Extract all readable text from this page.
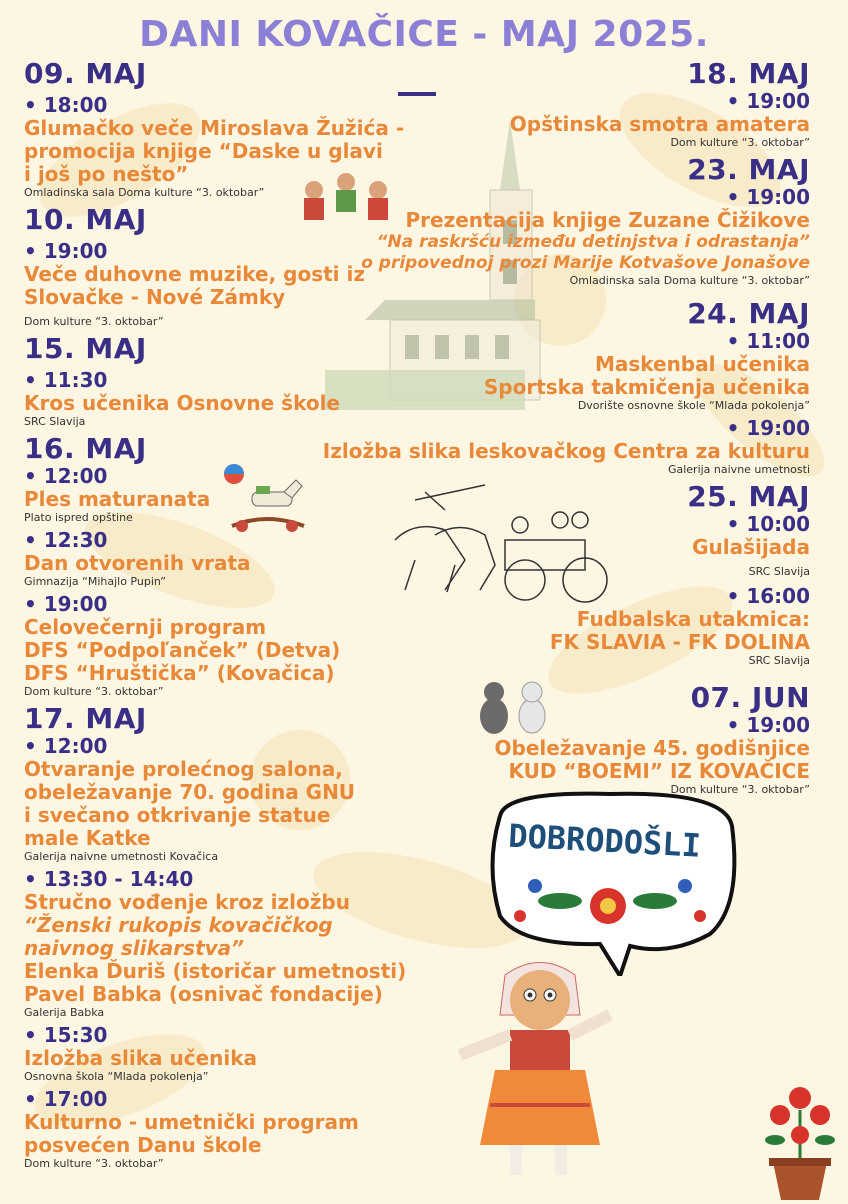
DANI KOVAČICE - MAJ 2025.
09. MAJ
• 18:00
Glumačko veče Miroslava Žužića -
promocija knjige “Daske u glavi
i još po nešto”
Omladinska sala Doma kulture “3. oktobar”
10. MAJ
• 19:00
Veče duhovne muzike, gosti iz
Slovačke - Nové Zámky
Dom kulture “3. oktobar”
15. MAJ
• 11:30
Kros učenika Osnovne škole
SRC Slavija
16. MAJ
• 12:00
Ples maturanata
Plato ispred opštine
• 12:30
Dan otvorenih vrata
Gimnazija “Mihajlo Pupin”
• 19:00
Celovečernji program
DFS “Podpoľanček” (Detva)
DFS “Hruštička” (Kovačica)
Dom kulture “3. oktobar”
17. MAJ
• 12:00
Otvaranje prolećnog salona,
obeležavanje 70. godina GNU
i svečano otkrivanje statue
male Katke
Galerija naivne umetnosti Kovačica
• 13:30 - 14:40
Stručno vođenje kroz izložbu
“Ženski rukopis kovačičkog
naivnog slikarstva”
Elenka Ďuriš (istoričar umetnosti)
Pavel Babka (osnivač fondacije)
Galerija Babka
• 15:30
Izložba slika učenika
Osnovna škola “Mlada pokolenja”
• 17:00
Kulturno - umetnički program
posvećen Danu škole
Dom kulture “3. oktobar”
18. MAJ
• 19:00
Opštinska smotra amatera
Dom kulture “3. oktobar”
23. MAJ
• 19:00
Prezentacija knjige Zuzane Čižikove
“Na raskršću između detinjstva i odrastanja”
o pripovednoj prozi Marije Kotvašove Jonašove
Omladinska sala Doma kulture “3. oktobar”
24. MAJ
• 11:00
Maskenbal učenika
Sportska takmičenja učenika
Dvorište osnovne škole “Mlada pokolenja”
• 19:00
Izložba slika leskovačkog Centra za kulturu
Galerija naivne umetnosti
25. MAJ
• 10:00
Gulašijada
SRC Slavija
• 16:00
Fudbalska utakmica:
FK SLAVIA - FK DOLINA
SRC Slavija
07. JUN
• 19:00
Obeležavanje 45. godišnjice
KUD “BOEMI” IZ KOVAČICE
Dom kulture “3. oktobar”
DOBRODOŠLI
